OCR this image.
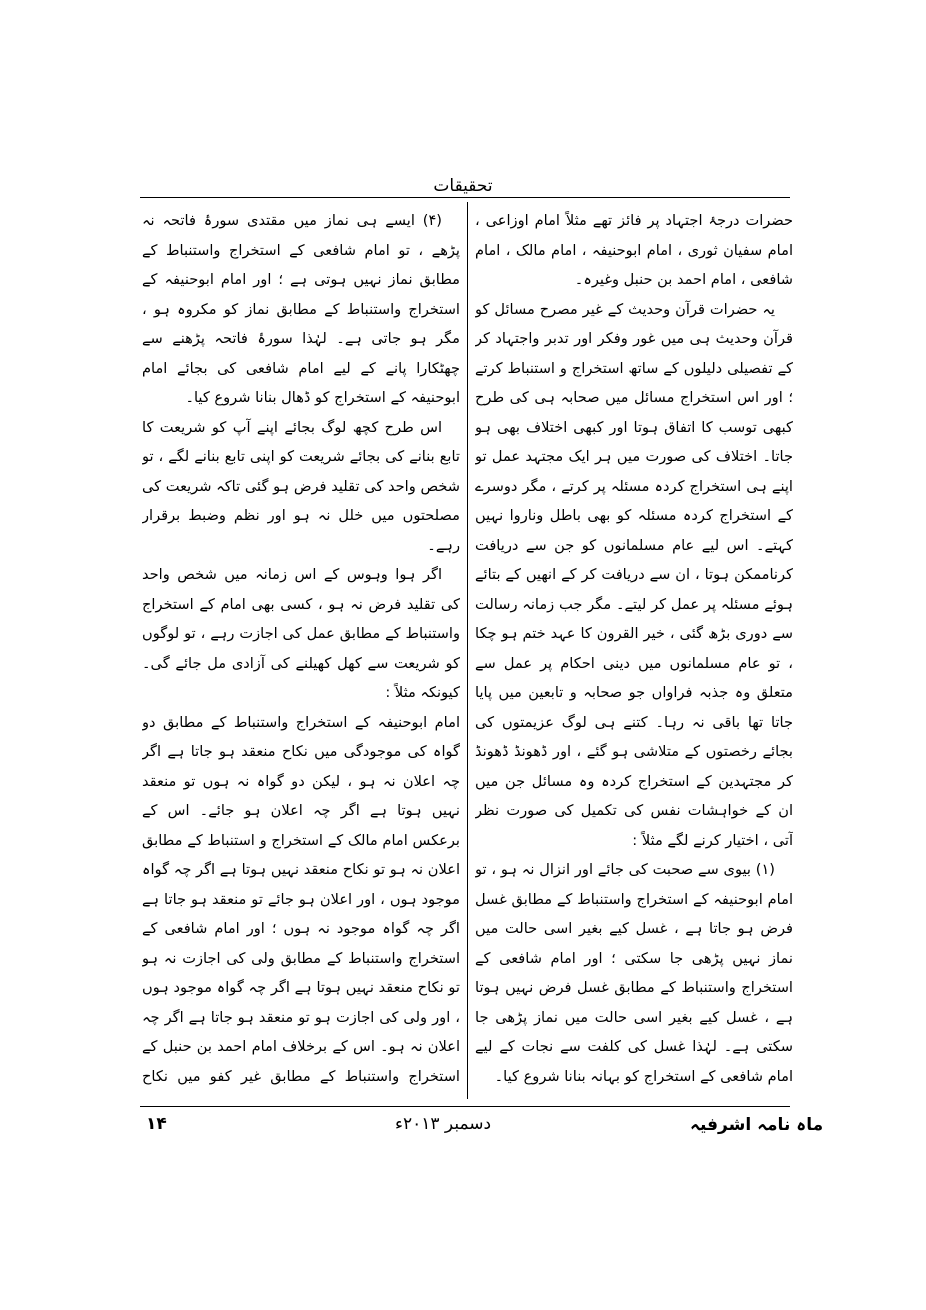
تحقیقات

حضرات درجۂ اجتہاد پر فائز تھے مثلاً امام اوزاعی ، امام سفیان ثوری ، امام ابوحنیفہ ، امام مالک ، امام شافعی ، امام احمد بن حنبل وغیرہ۔

یہ حضرات قرآن وحدیث کے غیر مصرح مسائل کو قرآن وحدیث ہی میں غور وفکر اور تدبر واجتہاد کر کے تفصیلی دلیلوں کے ساتھ استخراج و استنباط کرتے ؛ اور اس استخراج مسائل میں صحابہ ہی کی طرح کبھی توسب کا اتفاق ہوتا اور کبھی اختلاف بھی ہو جاتا۔ اختلاف کی صورت میں ہر ایک مجتہد عمل تو اپنے ہی استخراج کردہ مسئلہ پر کرتے ، مگر دوسرے کے استخراج کردہ مسئلہ کو بھی باطل وناروا نہیں کہتے۔ اس لیے عام مسلمانوں کو جن سے دریافت کرناممکن ہوتا ، ان سے دریافت کر کے انھیں کے بتائے ہوئے مسئلہ پر عمل کر لیتے۔ مگر جب زمانہ رسالت سے دوری بڑھ گئی ، خیر القرون کا عہد ختم ہو چکا ، تو عام مسلمانوں میں دینی احکام پر عمل سے متعلق وہ جذبہ فراواں جو صحابہ و تابعین میں پایا جاتا تھا باقی نہ رہا۔ کتنے ہی لوگ عزیمتوں کی بجائے رخصتوں کے متلاشی ہو گئے ، اور ڈھونڈ ڈھونڈ کر مجتہدین کے استخراج کردہ وہ مسائل جن میں ان کے خواہشات نفس کی تکمیل کی صورت نظر آتی ، اختیار کرنے لگے مثلاً :

(۱) بیوی سے صحبت کی جائے اور انزال نہ ہو ، تو امام ابوحنیفہ کے استخراج واستنباط کے مطابق غسل فرض ہو جاتا ہے ، غسل کیے بغیر اسی حالت میں نماز نہیں پڑھی جا سکتی ؛ اور امام شافعی کے استخراج واستنباط کے مطابق غسل فرض نہیں ہوتا ہے ، غسل کیے بغیر اسی حالت میں نماز پڑھی جا سکتی ہے۔ لہٰذا غسل کی کلفت سے نجات کے لیے امام شافعی کے استخراج کو بہانہ بنانا شروع کیا۔

(۴) ایسے ہی نماز میں مقتدی سورۂ فاتحہ نہ پڑھے ، تو امام شافعی کے استخراج واستنباط کے مطابق نماز نہیں ہوتی ہے ؛ اور امام ابوحنیفہ کے استخراج واستنباط کے مطابق نماز کو مکروہ ہو ، مگر ہو جاتی ہے۔ لہٰذا سورۂ فاتحہ پڑھنے سے چھٹکارا پانے کے لیے امام شافعی کی بجائے امام ابوحنیفہ کے استخراج کو ڈھال بنانا شروع کیا۔

اس طرح کچھ لوگ بجائے اپنے آپ کو شریعت کا تابع بنانے کی بجائے شریعت کو اپنی تابع بنانے لگے ، تو شخص واحد کی تقلید فرض ہو گئی تاکہ شریعت کی مصلحتوں میں خلل نہ ہو اور نظم وضبط برقرار رہے۔

اگر ہوا وہوس کے اس زمانہ میں شخص واحد کی تقلید فرض نہ ہو ، کسی بھی امام کے استخراج واستنباط کے مطابق عمل کی اجازت رہے ، تو لوگوں کو شریعت سے کھل کھیلنے کی آزادی مل جائے گی۔ کیونکہ مثلاً :

امام ابوحنیفہ کے استخراج واستنباط کے مطابق دو گواہ کی موجودگی میں نکاح منعقد ہو جاتا ہے اگر چہ اعلان نہ ہو ، لیکن دو گواہ نہ ہوں تو منعقد نہیں ہوتا ہے اگر چہ اعلان ہو جائے۔ اس کے برعکس امام مالک کے استخراج و استنباط کے مطابق اعلان نہ ہو تو نکاح منعقد نہیں ہوتا ہے اگر چہ گواہ موجود ہوں ، اور اعلان ہو جائے تو منعقد ہو جاتا ہے اگر چہ گواہ موجود نہ ہوں ؛ اور امام شافعی کے استخراج واستنباط کے مطابق ولی کی اجازت نہ ہو تو نکاح منعقد نہیں ہوتا ہے اگر چہ گواہ موجود ہوں ، اور ولی کی اجازت ہو تو منعقد ہو جاتا ہے اگر چہ اعلان نہ ہو۔ اس کے برخلاف امام احمد بن حنبل کے استخراج واستنباط کے مطابق غیر کفو میں نکاح

ماہ نامہ اشرفیہ
دسمبر ۲۰۱۳ء
۱۴
